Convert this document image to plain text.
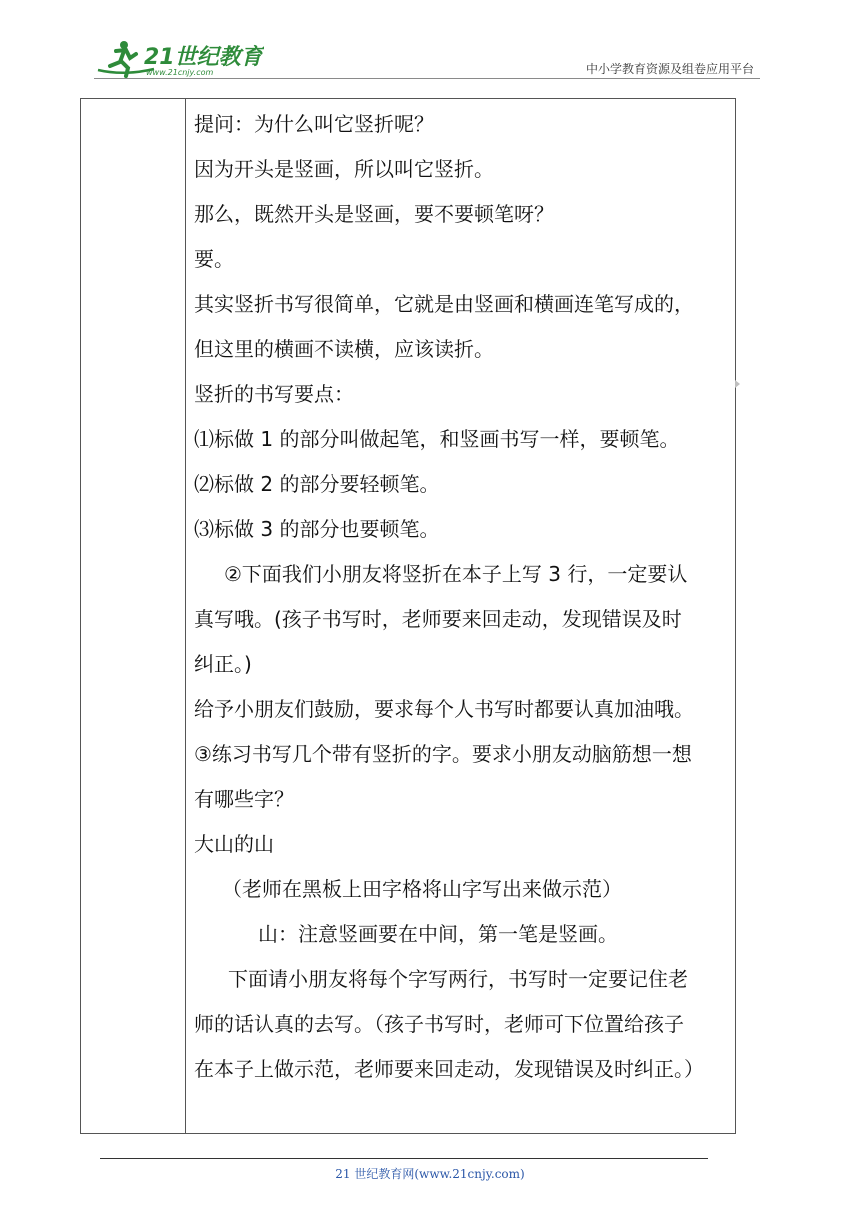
21世纪教育
www.21cnjy.com	中小学教育资源及组卷应用平台

提问：为什么叫它竖折呢？

因为开头是竖画，所以叫它竖折。

那么，既然开头是竖画，要不要顿笔呀？

要。

其实竖折书写很简单，它就是由竖画和横画连笔写成的，

但这里的横画不读横，应该读折。

竖折的书写要点：

⑴标做 1 的部分叫做起笔，和竖画书写一样，要顿笔。

⑵标做 2 的部分要轻顿笔。

⑶标做 3 的部分也要顿笔。

②下面我们小朋友将竖折在本子上写 3 行，一定要认

真写哦。(孩子书写时，老师要来回走动，发现错误及时

纠正。)

给予小朋友们鼓励，要求每个人书写时都要认真加油哦。

③练习书写几个带有竖折的字。要求小朋友动脑筋想一想

有哪些字？

大山的山

（老师在黑板上田字格将山字写出来做示范）

山：注意竖画要在中间，第一笔是竖画。

下面请小朋友将每个字写两行，书写时一定要记住老

师的话认真的去写。（孩子书写时，老师可下位置给孩子

在本子上做示范，老师要来回走动，发现错误及时纠正。）

21 世纪教育网(www.21cnjy.com)
